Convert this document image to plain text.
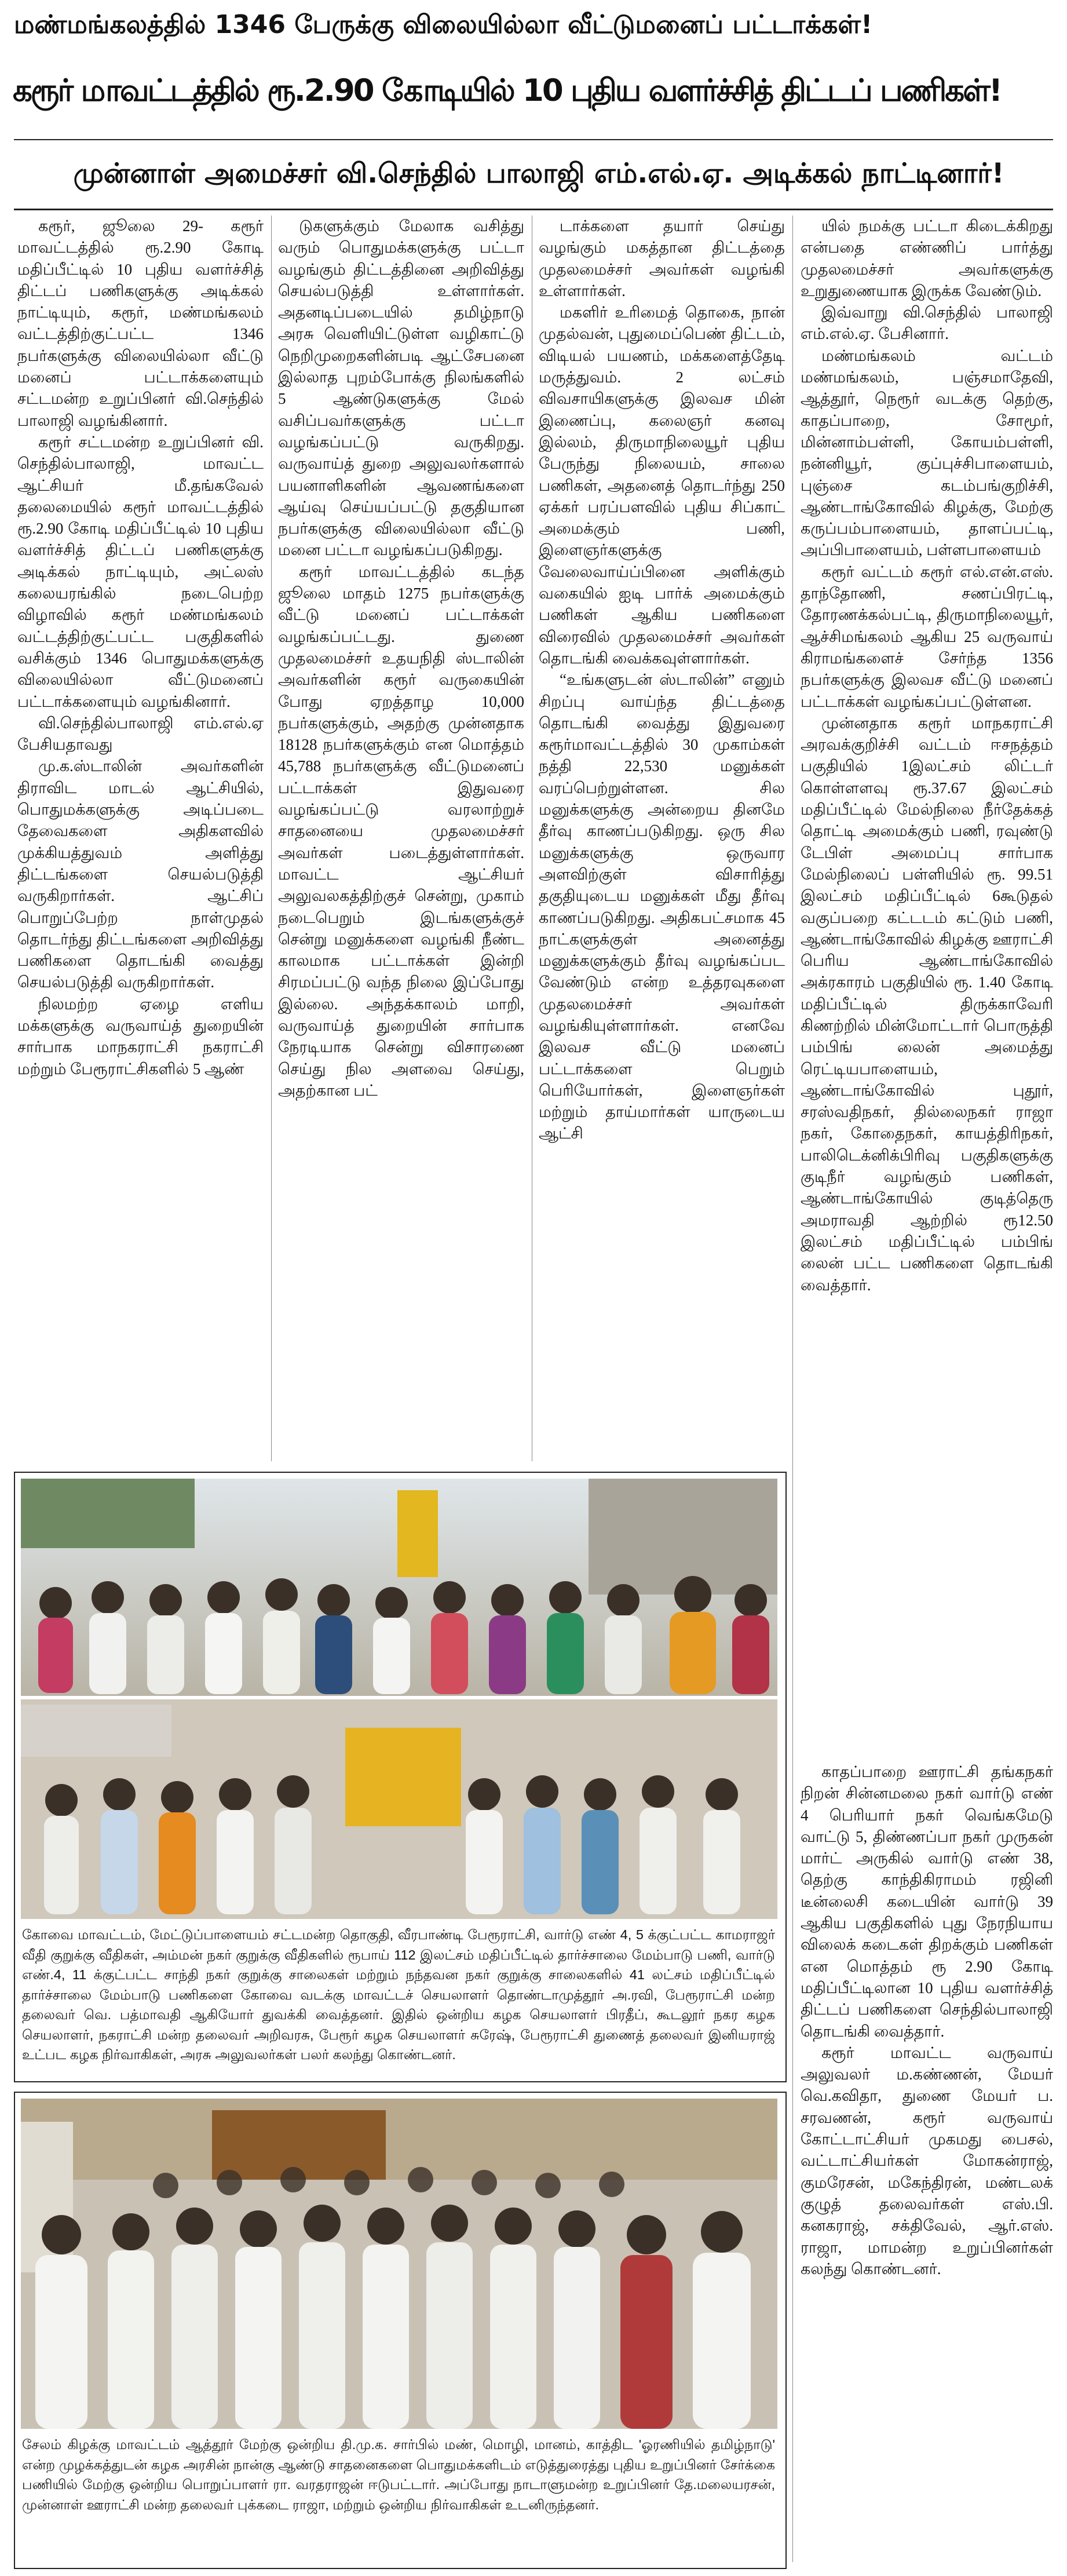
மண்மங்கலத்தில் 1346 பேருக்கு விலையில்லா வீட்டுமனைப் பட்டாக்கள்!
கரூர் மாவட்டத்தில் ரூ.2.90 கோடியில் 10 புதிய வளர்ச்சித் திட்டப் பணிகள்!
முன்னாள் அமைச்சர் வி.செந்தில் பாலாஜி எம்.எல்.ஏ. அடிக்கல் நாட்டினார்!

கரூர், ஜூலை 29- கரூர் மாவட்டத்தில் ரூ.2.90 கோடி மதிப்பீட்டில் 10 புதிய வளர்ச்சித் திட்டப் பணிகளுக்கு அடிக்கல் நாட்டியும், கரூர், மண்மங்கலம் வட்டத்திற்குட்பட்ட 1346 நபர்களுக்கு விலையில்லா வீட்டு மனைப் பட்டாக்களையும் சட்டமன்ற உறுப்பினர் வி.செந்தில் பாலாஜி வழங்கினார்.

கரூர் சட்டமன்ற உறுப்பினர் வி. செந்தில்பாலாஜி, மாவட்ட ஆட்சியர் மீ.தங்கவேல் தலைமையில் கரூர் மாவட்டத்தில் ரூ.2.90 கோடி மதிப்பீட்டில் 10 புதிய வளர்ச்சித் திட்டப் பணிகளுக்கு அடிக்கல் நாட்டியும், அட்லஸ் கலையரங்கில் நடைபெற்ற விழாவில் கரூர் மண்மங்கலம் வட்டத்திற்குட்பட்ட பகுதிகளில் வசிக்கும் 1346 பொதுமக்களுக்கு விலையில்லா வீட்டுமனைப் பட்டாக்களையும் வழங்கினார்.

வி.செந்தில்பாலாஜி எம்.எல்.ஏ பேசியதாவது

மு.க.ஸ்டாலின் அவர்களின் திராவிட மாடல் ஆட்சியில், பொதுமக்களுக்கு அடிப்படை தேவைகளை அதிகளவில் முக்கியத்துவம் அளித்து திட்டங்களை செயல்படுத்தி வருகிறார்கள். ஆட்சிப் பொறுப்பேற்ற நாள்முதல் தொடர்ந்து திட்டங்களை அறிவித்து பணிகளை தொடங்கி வைத்து செயல்படுத்தி வருகிறார்கள்.

நிலமற்ற ஏழை எளிய மக்களுக்கு வருவாய்த் துறையின் சார்பாக மாநகராட்சி நகராட்சி மற்றும் பேரூராட்சிகளில் 5 ஆண்

டுகளுக்கும் மேலாக வசித்து வரும் பொதுமக்களுக்கு பட்டா வழங்கும் திட்டத்தினை அறிவித்து செயல்படுத்தி உள்ளார்கள். அதனடிப்படையில் தமிழ்நாடு அரசு வெளியிட்டுள்ள வழிகாட்டு நெறிமுறைகளின்படி ஆட்சேபனை இல்லாத புறம்போக்கு நிலங்களில் 5 ஆண்டுகளுக்கு மேல் வசிப்பவர்களுக்கு பட்டா வழங்கப்பட்டு வருகிறது. வருவாய்த் துறை அலுவலர்களால் பயனாளிகளின் ஆவணங்களை ஆய்வு செய்யப்பட்டு தகுதியான நபர்களுக்கு விலையில்லா வீட்டு மனை பட்டா வழங்கப்படுகிறது.

கரூர் மாவட்டத்தில் கடந்த ஜூலை மாதம் 1275 நபர்களுக்கு வீட்டு மனைப் பட்டாக்கள் வழங்கப்பட்டது. துணை முதலமைச்சர் உதயநிதி ஸ்டாலின் அவர்களின் கரூர் வருகையின் போது ஏறத்தாழ 10,000 நபர்களுக்கும், அதற்கு முன்னதாக 18128 நபர்களுக்கும் என மொத்தம் 45,788 நபர்களுக்கு வீட்டுமனைப் பட்டாக்கள் இதுவரை வழங்கப்பட்டு வரலாற்றுச் சாதனையை முதலமைச்சர் அவர்கள் படைத்துள்ளார்கள். மாவட்ட ஆட்சியர் அலுவலகத்திற்குச் சென்று, முகாம் நடைபெறும் இடங்களுக்குச் சென்று மனுக்களை வழங்கி நீண்ட காலமாக பட்டாக்கள் இன்றி சிரமப்பட்டு வந்த நிலை இப்போது இல்லை. அந்தக்காலம் மாறி, வருவாய்த் துறையின் சார்பாக நேரடியாக சென்று விசாரணை செய்து நில அளவை செய்து, அதற்கான பட்

டாக்களை தயார் செய்து வழங்கும் மகத்தான திட்டத்தை முதலமைச்சர் அவர்கள் வழங்கி உள்ளார்கள்.

மகளிர் உரிமைத் தொகை, நான் முதல்வன், புதுமைப்பெண் திட்டம், விடியல் பயணம், மக்களைத்தேடி மருத்துவம். 2 லட்சம் விவசாயிகளுக்கு இலவச மின் இணைப்பு, கலைஞர் கனவு இல்லம், திருமாநிலையூர் புதிய பேருந்து நிலையம், சாலை பணிகள், அதனைத் தொடர்ந்து 250 ஏக்கர் பரப்பளவில் புதிய சிப்காட் அமைக்கும் பணி, இளைஞர்களுக்கு வேலைவாய்ப்பினை அளிக்கும் வகையில் ஐடி பார்க் அமைக்கும் பணிகள் ஆகிய பணிகளை விரைவில் முதலமைச்சர் அவர்கள் தொடங்கி வைக்கவுள்ளார்கள்.

“உங்களுடன் ஸ்டாலின்” எனும் சிறப்பு வாய்ந்த திட்டத்தை தொடங்கி வைத்து இதுவரை கரூர்மாவட்டத்தில் 30 முகாம்கள் நத்தி 22,530 மனுக்கள் வரப்பெற்றுள்ளன. சில மனுக்களுக்கு அன்றைய தினமே தீர்வு காணப்படுகிறது. ஒரு சில மனுக்களுக்கு ஒருவார அளவிற்குள் விசாரித்து தகுதியுடைய மனுக்கள் மீது தீர்வு காணப்படுகிறது. அதிகபட்சமாக 45 நாட்களுக்குள் அனைத்து மனுக்களுக்கும் தீர்வு வழங்கப்பட வேண்டும் என்ற உத்தரவுகளை முதலமைச்சர் அவர்கள் வழங்கியுள்ளார்கள். எனவே இலவச வீட்டு மனைப் பட்டாக்களை பெறும் பெரியோர்கள், இளைஞர்கள் மற்றும் தாய்மார்கள் யாருடைய ஆட்சி

யில் நமக்கு பட்டா கிடைக்கிறது என்பதை எண்ணிப் பார்த்து முதலமைச்சர் அவர்களுக்கு உறுதுணையாக இருக்க வேண்டும்.

இவ்வாறு வி.செந்தில் பாலாஜி எம்.எல்.ஏ. பேசினார்.

மண்மங்கலம் வட்டம் மண்மங்கலம், பஞ்சமாதேவி, ஆத்தூர், நெரூர் வடக்கு தெற்கு, காதப்பாறை, சோமூர், மின்னாம்பள்ளி, கோயம்பள்ளி, நன்னியூர், குப்புச்சிபாளையம், புஞ்சை கடம்பங்குறிச்சி, ஆண்டாங்கோவில் கிழக்கு, மேற்கு கருப்பம்பாளையம், தாளப்பட்டி, அப்பிபாளையம், பள்ளபாளையம்

கரூர் வட்டம் கரூர் எல்.என்.எஸ். தாந்தோணி, சணப்பிரட்டி, தோரணக்கல்பட்டி, திருமாநிலையூர், ஆச்சிமங்கலம் ஆகிய 25 வருவாய் கிராமங்களைச் சேர்ந்த 1356 நபர்களுக்கு இலவச வீட்டு மனைப் பட்டாக்கள் வழங்கப்பட்டுள்ளன.

முன்னதாக கரூர் மாநகராட்சி அரவக்குறிச்சி வட்டம் ஈசநத்தம் பகுதியில் 1இலட்சம் லிட்டர் கொள்ளளவு ரூ.37.67 இலட்சம் மதிப்பீட்டில் மேல்நிலை நீர்தேக்கத் தொட்டி அமைக்கும் பணி, ரவுண்டு டேபிள் அமைப்பு சார்பாக மேல்நிலைப் பள்ளியில் ரூ. 99.51 இலட்சம் மதிப்பீட்டில் 6கூடுதல் வகுப்பறை கட்டடம் கட்டும் பணி, ஆண்டாங்கோவில் கிழக்கு ஊராட்சி பெரிய ஆண்டாங்கோவில் அக்ரகாரம் பகுதியில் ரூ. 1.40 கோடி மதிப்பீட்டில் திருக்காவேரி கிணற்றில் மின்மோட்டார் பொருத்தி பம்பிங் லைன் அமைத்து ரெட்டியபாளையம், ஆண்டாங்கோவில் புதூர், சரஸ்வதிநகர், தில்லைநகர் ராஜா நகர், கோதைநகர், காயத்திரிநகர், பாலிடெக்னிக்பிரிவு பகுதிகளுக்கு குடிநீர் வழங்கும் பணிகள், ஆண்டாங்கோயில் குடித்தெரு அமராவதி ஆற்றில் ரூ12.50 இலட்சம் மதிப்பீட்டில் பம்பிங் லைன் பட்ட பணிகளை தொடங்கி வைத்தார்.

காதப்பாறை ஊராட்சி தங்கநகர் நிறன் சின்னமலை நகர் வார்டு எண் 4 பெரியார் நகர் வெங்கமேடு வாட்டு 5, திண்ணப்பா நகர் முருகன் மார்ட் அருகில் வார்டு எண் 38, தெற்கு காந்திகிராமம் ரஜினி டீன்லைசி கடையின் வார்டு 39 ஆகிய பகுதிகளில் புது நேரநியாய விலைக் கடைகள் திறக்கும் பணிகள் என மொத்தம் ரூ 2.90 கோடி மதிப்பீட்டிலான 10 புதிய வளர்ச்சித் திட்டப் பணிகளை செந்தில்பாலாஜி தொடங்கி வைத்தார்.

கரூர் மாவட்ட வருவாய் அலுவலர் ம.கண்ணன், மேயர் வெ.கவிதா, துணை மேயர் ப. சரவணன், கரூர் வருவாய் கோட்டாட்சியர் முகமது பைசல், வட்டாட்சியர்கள் மோகன்ராஜ், குமரேசன், மகேந்திரன், மண்டலக் குழுத் தலைவர்கள் எஸ்.பி. கனகராஜ், சக்திவேல், ஆர்.எஸ். ராஜா, மாமன்ற உறுப்பினர்கள் கலந்து கொண்டனர்.

கோவை மாவட்டம், மேட்டுப்பாளையம் சட்டமன்ற தொகுதி, வீரபாண்டி பேரூராட்சி, வார்டு எண் 4, 5 க்குட்பட்ட காமராஜர் வீதி குறுக்கு வீதிகள், அம்மன் நகர் குறுக்கு வீதிகளில் ரூபாய் 112 இலட்சம் மதிப்பீட்டில் தார்ச்சாலை மேம்பாடு பணி, வார்டு எண்.4, 11 க்குட்பட்ட சாந்தி நகர் குறுக்கு சாலைகள் மற்றும் நந்தவன நகர் குறுக்கு சாலைகளில் 41 லட்சம் மதிப்பீட்டில் தார்ச்சாலை மேம்பாடு பணிகளை கோவை வடக்கு மாவட்டச் செயலாளர் தொண்டாமுத்தூர் அ.ரவி, பேரூராட்சி மன்ற தலைவர் வெ. பத்மாவதி ஆகியோர் துவக்கி வைத்தனர். இதில் ஒன்றிய கழக செயலாளர் பிரதீப், கூடலூர் நகர கழக செயலாளர், நகராட்சி மன்ற தலைவர் அறிவரசு, பேரூர் கழக செயலாளர் சுரேஷ், பேரூராட்சி துணைத் தலைவர் இனியராஜ் உட்பட கழக நிர்வாகிகள், அரசு அலுவலர்கள் பலர் கலந்து கொண்டனர்.
சேலம் கிழக்கு மாவட்டம் ஆத்தூர் மேற்கு ஒன்றிய தி.மு.க. சார்பில் மண், மொழி, மானம், காத்திட 'ஓரணியில் தமிழ்நாடு' என்ற முழக்கத்துடன் கழக அரசின் நான்கு ஆண்டு சாதனைகளை பொதுமக்களிடம் எடுத்துரைத்து புதிய உறுப்பினர் சேர்க்கை பணியில் மேற்கு ஒன்றிய பொறுப்பாளர் ரா. வரதராஜன் ஈடுபட்டார். அப்போது நாடாளுமன்ற உறுப்பினர் தே.மலையரசன், முன்னாள் ஊராட்சி மன்ற தலைவர் புக்கடை ராஜா, மற்றும் ஒன்றிய நிர்வாகிகள் உடனிருந்தனர்.
